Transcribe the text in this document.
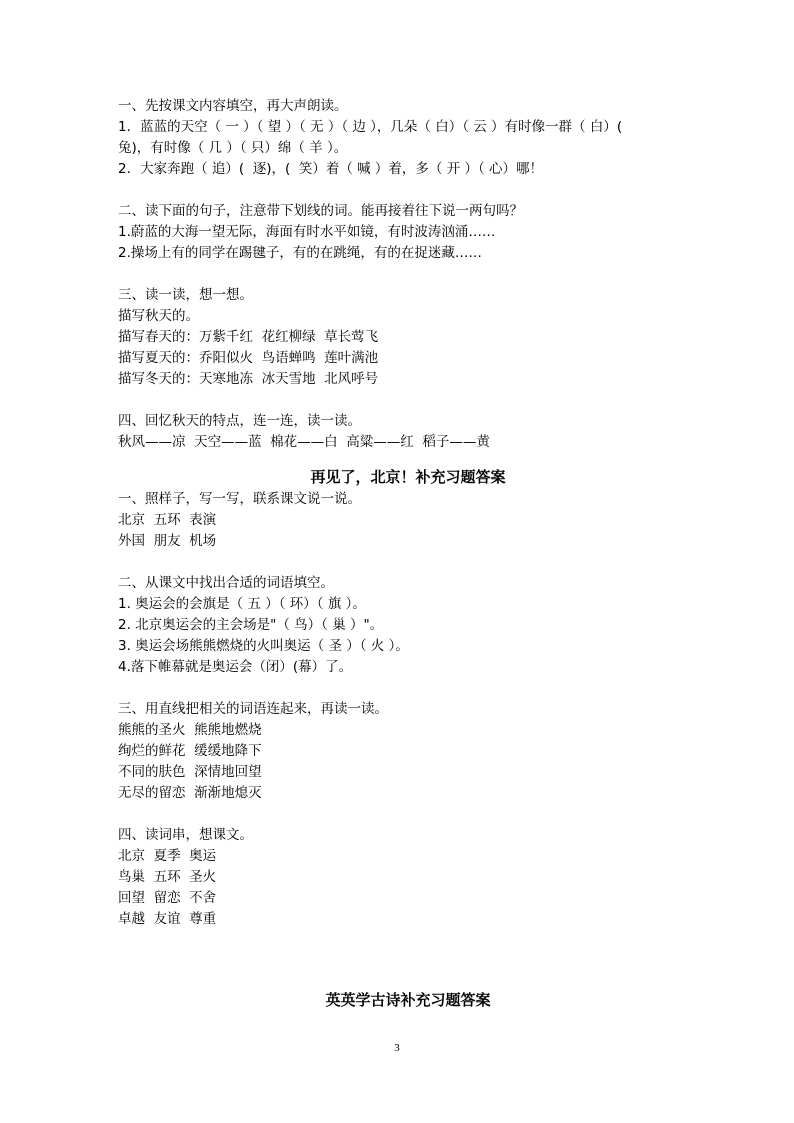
一、先按课文内容填空，再大声朗读。
1．蓝蓝的天空（ 一 ）（ 望 ）（ 无 ）（ 边 ），几朵（ 白）（ 云 ）有时像一群（ 白）(
兔)，有时像（ 几 ）（ 只）绵（ 羊 ）。
2．大家奔跑（ 追）(  逐)，(  笑）着（ 喊 ）着，多（ 开 ）（ 心）哪！
二、读下面的句子，注意带下划线的词。能再接着往下说一两句吗？
1.蔚蓝的大海一望无际，海面有时水平如镜，有时波涛汹涌……
2.操场上有的同学在踢毽子，有的在跳绳，有的在捉迷藏……
三、读一读，想一想。
描写秋天的。
描写春天的：万紫千红  花红柳绿  草长莺飞
描写夏天的：乔阳似火  鸟语蝉鸣  莲叶满池
描写冬天的：天寒地冻  冰天雪地  北风呼号
四、回忆秋天的特点，连一连，读一读。
秋风——凉  天空——蓝  棉花——白  高粱——红  稻子——黄
再见了，北京！补充习题答案
一、照样子，写一写，联系课文说一说。
北京  五环  表演
外国  朋友  机场
二、从课文中找出合适的词语填空。
1. 奥运会的会旗是（ 五 ）（ 环）（ 旗 ）。
2. 北京奥运会的主会场是"（ 鸟）（ 巢 ）"。
3. 奥运会场熊熊燃烧的火叫奥运（ 圣 ）（ 火 ）。
4.落下帷幕就是奥运会（闭）(幕）了。
三、用直线把相关的词语连起来，再读一读。
熊熊的圣火  熊熊地燃烧
绚烂的鲜花  缓缓地降下
不同的肤色  深情地回望
无尽的留恋  渐渐地熄灭
四、读词串，想课文。
北京  夏季  奥运
鸟巢  五环  圣火
回望  留恋  不舍
卓越  友谊  尊重
英英学古诗补充习题答案
3
